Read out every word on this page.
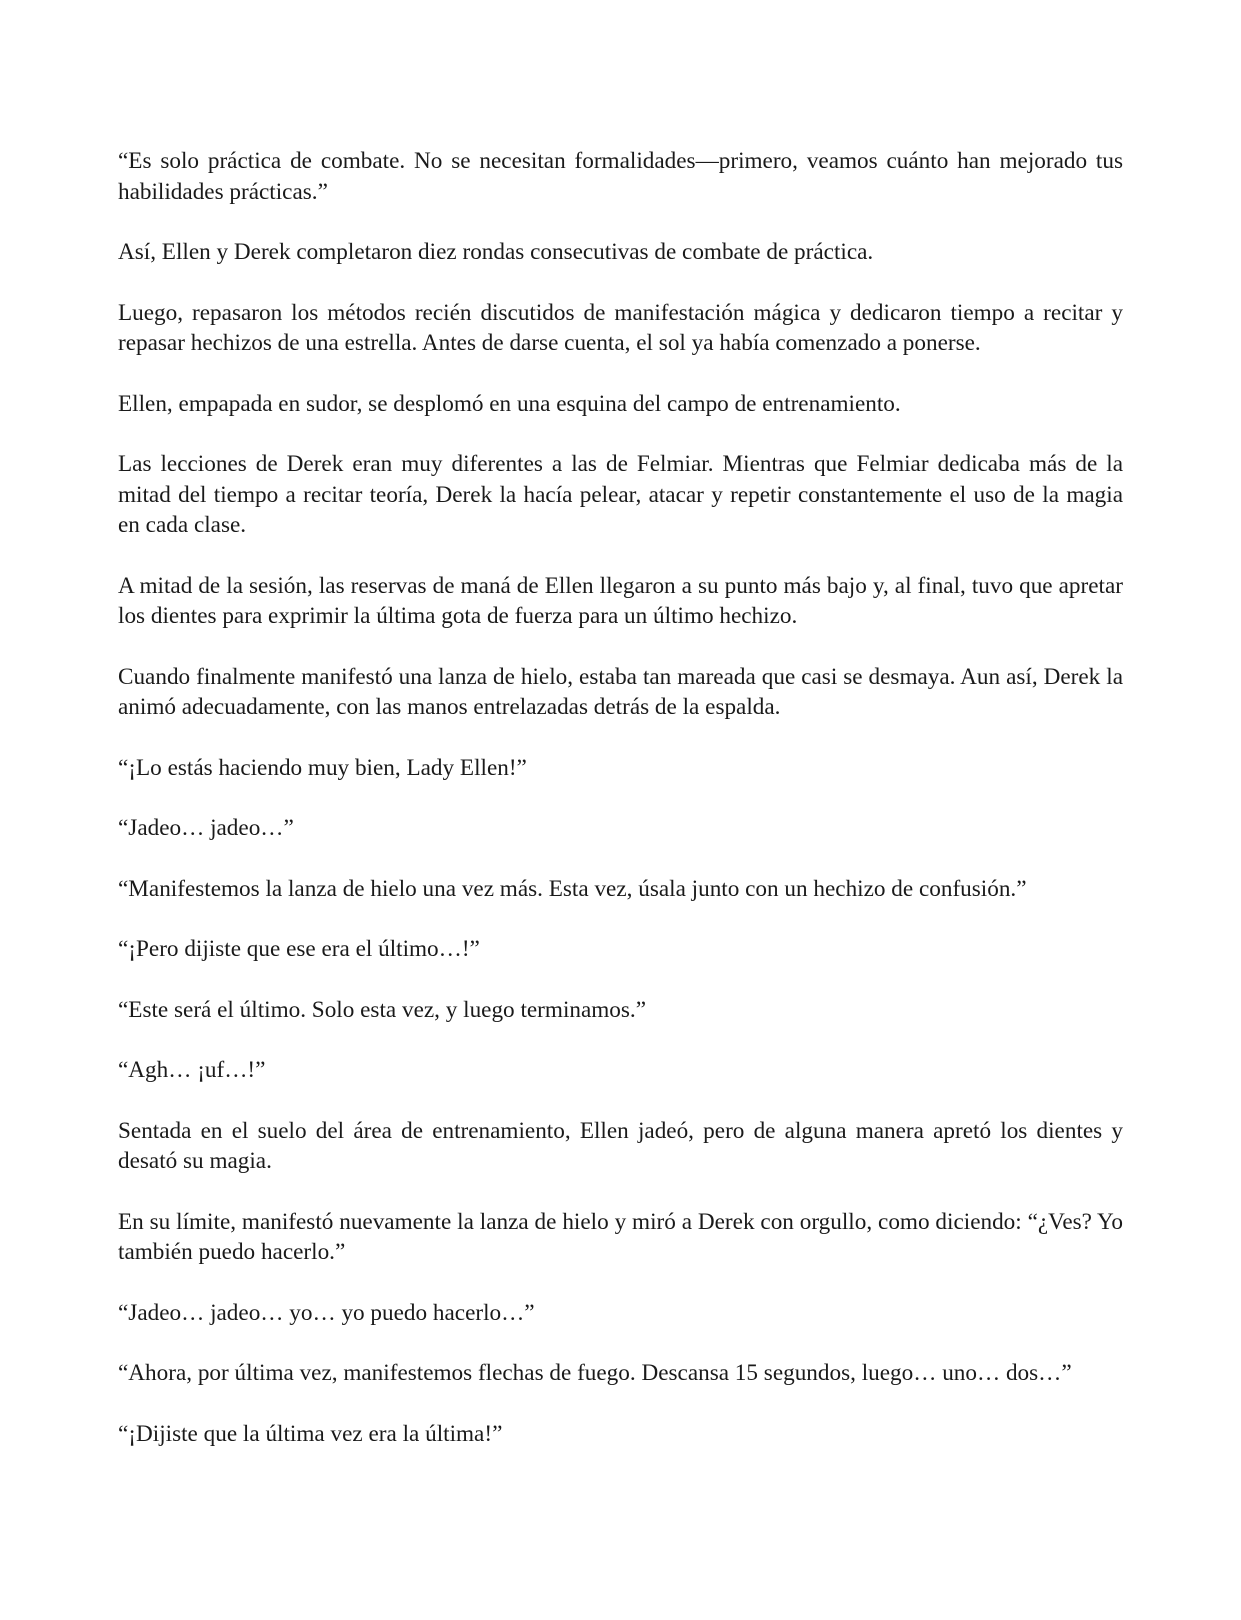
“Es solo práctica de combate. No se necesitan formalidades—primero, veamos cuánto han mejorado tus habilidades prácticas.”

Así, Ellen y Derek completaron diez rondas consecutivas de combate de práctica.

Luego, repasaron los métodos recién discutidos de manifestación mágica y dedicaron tiempo a recitar y repasar hechizos de una estrella. Antes de darse cuenta, el sol ya había comenzado a ponerse.

Ellen, empapada en sudor, se desplomó en una esquina del campo de entrenamiento.

Las lecciones de Derek eran muy diferentes a las de Felmiar. Mientras que Felmiar dedicaba más de la mitad del tiempo a recitar teoría, Derek la hacía pelear, atacar y repetir constantemente el uso de la magia en cada clase.

A mitad de la sesión, las reservas de maná de Ellen llegaron a su punto más bajo y, al final, tuvo que apretar los dientes para exprimir la última gota de fuerza para un último hechizo.

Cuando finalmente manifestó una lanza de hielo, estaba tan mareada que casi se desmaya. Aun así, Derek la animó adecuadamente, con las manos entrelazadas detrás de la espalda.

“¡Lo estás haciendo muy bien, Lady Ellen!”

“Jadeo… jadeo…”

“Manifestemos la lanza de hielo una vez más. Esta vez, úsala junto con un hechizo de confusión.”

“¡Pero dijiste que ese era el último…!”

“Este será el último. Solo esta vez, y luego terminamos.”

“Agh… ¡uf…!”

Sentada en el suelo del área de entrenamiento, Ellen jadeó, pero de alguna manera apretó los dientes y desató su magia.

En su límite, manifestó nuevamente la lanza de hielo y miró a Derek con orgullo, como diciendo: “¿Ves? Yo también puedo hacerlo.”

“Jadeo… jadeo… yo… yo puedo hacerlo…”

“Ahora, por última vez, manifestemos flechas de fuego. Descansa 15 segundos, luego… uno… dos…”

“¡Dijiste que la última vez era la última!”
